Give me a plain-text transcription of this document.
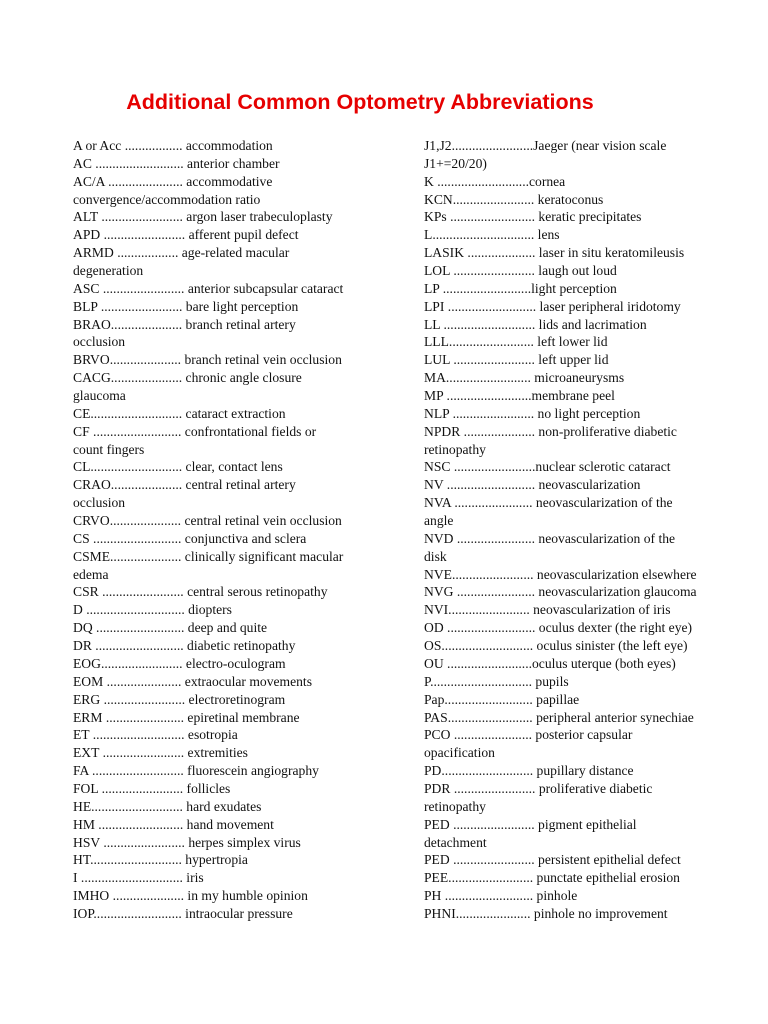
Additional Common Optometry Abbreviations
A or Acc ................. accommodation
AC .......................... anterior chamber
AC/A ...................... accommodative
convergence/accommodation ratio
ALT ........................ argon laser trabeculoplasty
APD ........................ afferent pupil defect
ARMD .................. age-related macular
degeneration
ASC ........................ anterior subcapsular cataract
BLP ........................ bare light perception
BRAO..................... branch retinal artery
occlusion
BRVO..................... branch retinal vein occlusion
CACG..................... chronic angle closure
glaucoma
CE........................... cataract extraction
CF .......................... confrontational fields or
count fingers
CL........................... clear, contact lens
CRAO..................... central retinal artery
occlusion
CRVO..................... central retinal vein occlusion
CS .......................... conjunctiva and sclera
CSME..................... clinically significant macular
edema
CSR ........................ central serous retinopathy
D ............................. diopters
DQ .......................... deep and quite
DR .......................... diabetic retinopathy
EOG........................ electro-oculogram
EOM ...................... extraocular movements
ERG ........................ electroretinogram
ERM ....................... epiretinal membrane
ET ........................... esotropia
EXT ........................ extremities
FA ........................... fluorescein angiography
FOL ........................ follicles
HE........................... hard exudates
HM ......................... hand movement
HSV ........................ herpes simplex virus
HT........................... hypertropia
I .............................. iris
IMHO ..................... in my humble opinion
IOP.......................... intraocular pressure
J1,J2........................Jaeger (near vision scale
J1+=20/20)
K ...........................cornea
KCN........................ keratoconus
KPs ......................... keratic precipitates
L.............................. lens
LASIK .................... laser in situ keratomileusis
LOL ........................ laugh out loud
LP ..........................light perception
LPI .......................... laser peripheral iridotomy
LL ........................... lids and lacrimation
LLL......................... left lower lid
LUL ........................ left upper lid
MA......................... microaneurysms
MP .........................membrane peel
NLP ........................ no light perception
NPDR ..................... non-proliferative diabetic
retinopathy
NSC ........................nuclear sclerotic cataract
NV .......................... neovascularization
NVA ....................... neovascularization of the
angle
NVD ....................... neovascularization of the
disk
NVE........................ neovascularization elsewhere
NVG ....................... neovascularization glaucoma
NVI........................ neovascularization of iris
OD .......................... oculus dexter (the right eye)
OS........................... oculus sinister (the left eye)
OU .........................oculus uterque (both eyes)
P.............................. pupils
Pap.......................... papillae
PAS......................... peripheral anterior synechiae
PCO ....................... posterior capsular
opacification
PD........................... pupillary distance
PDR ........................ proliferative diabetic
retinopathy
PED ........................ pigment epithelial
detachment
PED ........................ persistent epithelial defect
PEE......................... punctate epithelial erosion
PH .......................... pinhole
PHNI...................... pinhole no improvement
